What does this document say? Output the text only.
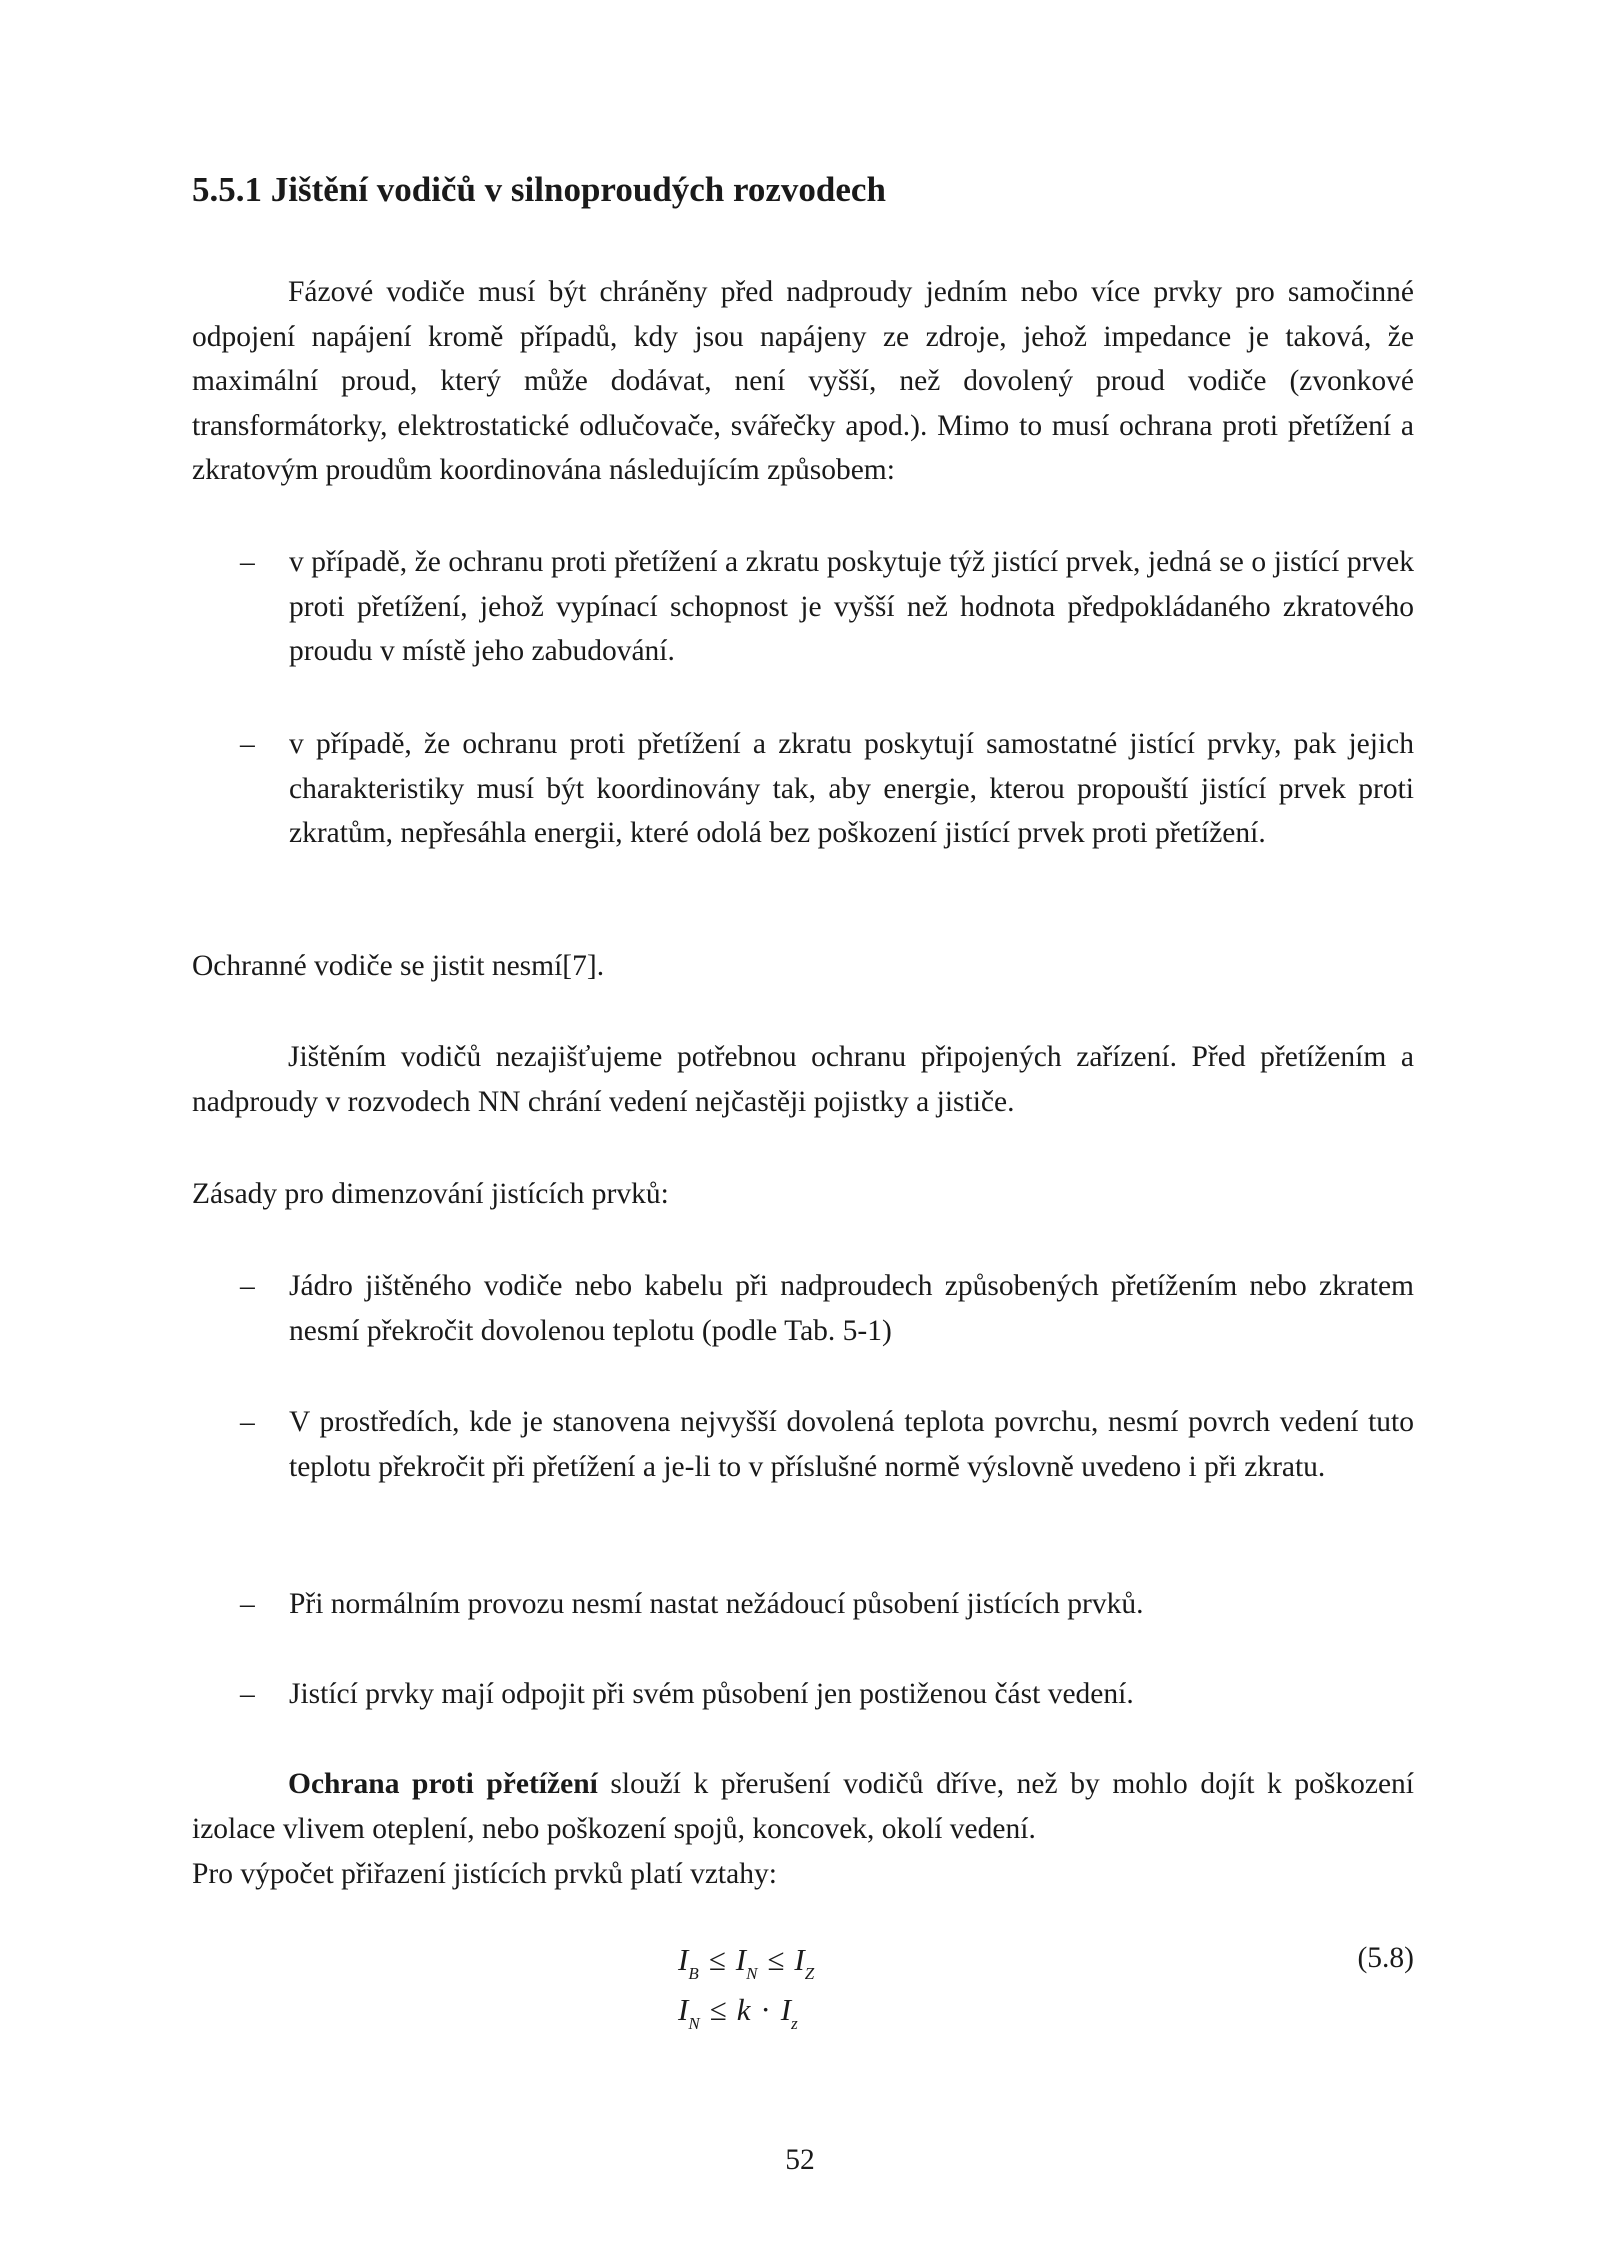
5.5.1 Jištění vodičů v silnoproudých rozvodech

Fázové vodiče musí být chráněny před nadproudy jedním nebo více prvky pro samočinné odpojení napájení kromě případů, kdy jsou napájeny ze zdroje, jehož impedance je taková, že maximální proud, který může dodávat, není vyšší, než dovolený proud vodiče (zvonkové transformátorky, elektrostatické odlučovače, svářečky apod.). Mimo to musí ochrana proti přetížení a zkratovým proudům koordinována následujícím způsobem:

– v případě, že ochranu proti přetížení a zkratu poskytuje týž jistící prvek, jedná se o jistící prvek proti přetížení, jehož vypínací schopnost je vyšší než hodnota předpokládaného zkratového proudu v místě jeho zabudování.
– v případě, že ochranu proti přetížení a zkratu poskytují samostatné jistící prvky, pak jejich charakteristiky musí být koordinovány tak, aby energie, kterou propouští jistící prvek proti zkratům, nepřesáhla energii, které odolá bez poškození jistící prvek proti přetížení.

Ochranné vodiče se jistit nesmí[7].

Jištěním vodičů nezajišťujeme potřebnou ochranu připojených zařízení. Před přetížením a nadproudy v rozvodech NN chrání vedení nejčastěji pojistky a jističe.

Zásady pro dimenzování jistících prvků:

– Jádro jištěného vodiče nebo kabelu při nadproudech způsobených přetížením nebo zkratem nesmí překročit dovolenou teplotu (podle Tab. 5-1)
– V prostředích, kde je stanovena nejvyšší dovolená teplota povrchu, nesmí povrch vedení tuto teplotu překročit při přetížení a je-li to v příslušné normě výslovně uvedeno i při zkratu.
– Při normálním provozu nesmí nastat nežádoucí působení jistících prvků.
– Jistící prvky mají odpojit při svém působení jen postiženou část vedení.

Ochrana proti přetížení slouží k přerušení vodičů dříve, než by mohlo dojít k poškození izolace vlivem oteplení, nebo poškození spojů, koncovek, okolí vedení.

Pro výpočet přiřazení jistících prvků platí vztahy:

$I_B \le I_N \le I_Z$
$I_N \le k \cdot I_z$
(5.8)
52
